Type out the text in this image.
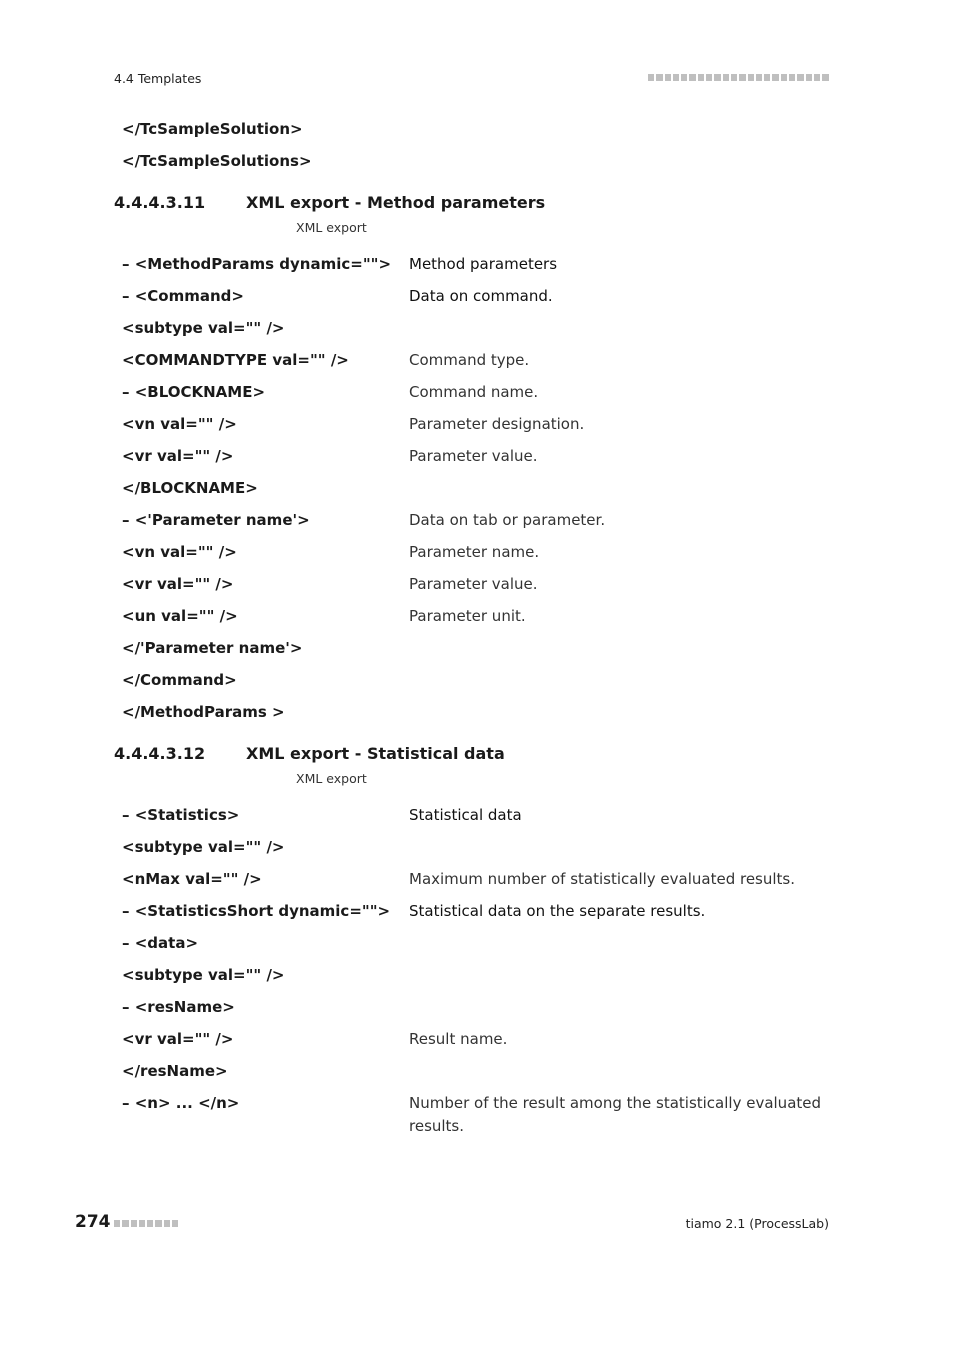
4.4 Templates
</TcSampleSolution>
</TcSampleSolutions>
4.4.4.3.11	XML export - Method parameters
XML export
– <MethodParams dynamic=""> Method parameters
– <Command>	Data on command.
<subtype val="" />
<COMMANDTYPE val="" />	Command type.
– <BLOCKNAME>	Command name.
<vn val="" />	Parameter designation.
<vr val="" />	Parameter value.
</BLOCKNAME>
– <'Parameter name'>	Data on tab or parameter.
<vn val="" />	Parameter name.
<vr val="" />	Parameter value.
<un val="" />	Parameter unit.
</'Parameter name'>
</Command>
</MethodParams >
4.4.4.3.12	XML export - Statistical data
XML export
– <Statistics>	Statistical data
<subtype val="" />
<nMax val="" />	Maximum number of statistically evaluated results.
– <StatisticsShort dynamic=""> Statistical data on the separate results.
– <data>
<subtype val="" />
– <resName>
<vr val="" />	Result name.
</resName>
– <n> ... </n>	Number of the result among the statistically evaluated
results.
274	tiamo 2.1 (ProcessLab)
